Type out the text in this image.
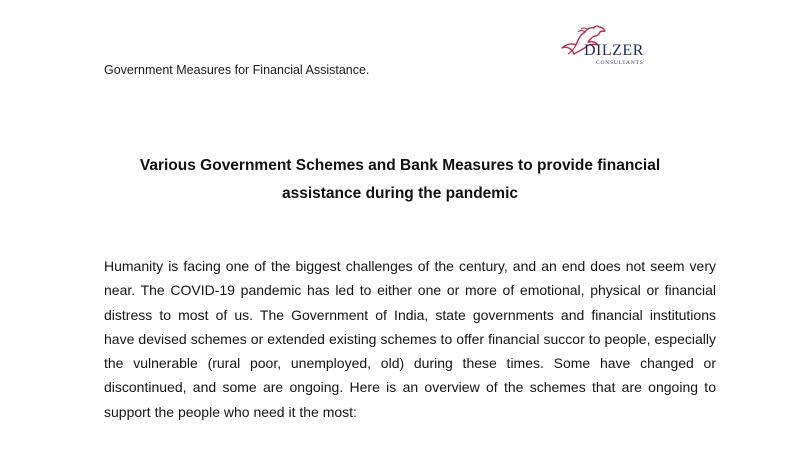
Government Measures for Financial Assistance.
DILZER
CONSULTANTS
Various Government Schemes and Bank Measures to provide financial
assistance during the pandemic
Humanity is facing one of the biggest challenges of the century, and an end does not seem very
near. The COVID-19 pandemic has led to either one or more of emotional, physical or financial
distress to most of us. The Government of India, state governments and financial institutions
have devised schemes or extended existing schemes to offer financial succor to people, especially
the vulnerable (rural poor, unemployed, old) during these times. Some have changed or
discontinued, and some are ongoing. Here is an overview of the schemes that are ongoing to
support the people who need it the most:
